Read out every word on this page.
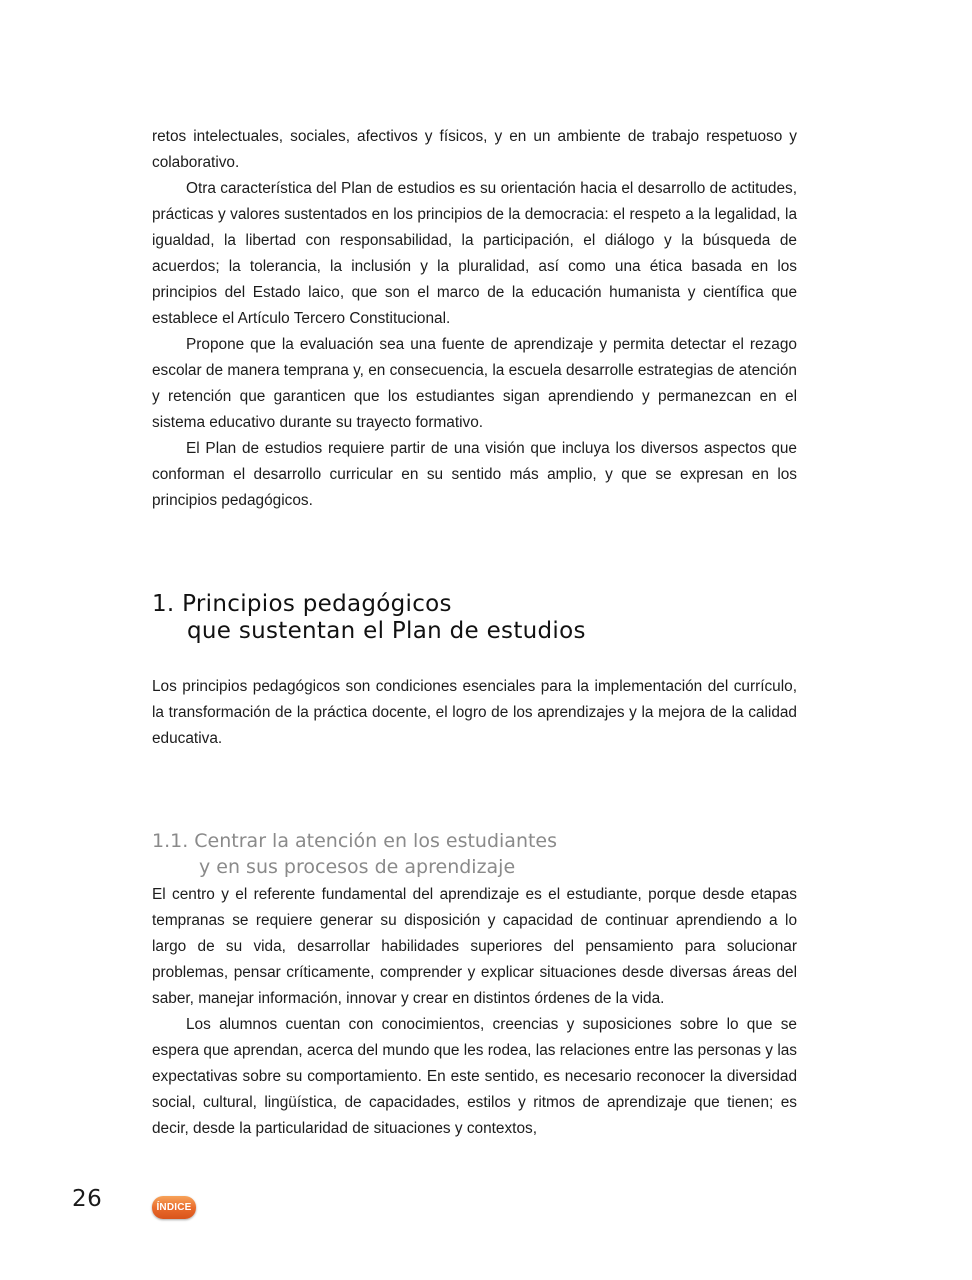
retos intelectuales, sociales, afectivos y físicos, y en un ambiente de trabajo respetuoso y colaborativo.

Otra característica del Plan de estudios es su orientación hacia el desarrollo de actitudes, prácticas y valores sustentados en los principios de la democracia: el respeto a la legalidad, la igualdad, la libertad con responsabilidad, la participación, el diálogo y la búsqueda de acuerdos; la tolerancia, la inclusión y la pluralidad, así como una ética basada en los principios del Estado laico, que son el marco de la educación humanista y científica que establece el Artículo Tercero Constitucional.

Propone que la evaluación sea una fuente de aprendizaje y permita detectar el rezago escolar de manera temprana y, en consecuencia, la escuela desarrolle estrategias de atención y retención que garanticen que los estudiantes sigan aprendiendo y permanezcan en el sistema educativo durante su trayecto formativo.

El Plan de estudios requiere partir de una visión que incluya los diversos aspectos que conforman el desarrollo curricular en su sentido más amplio, y que se expresan en los principios pedagógicos.

1. Principios pedagógicos
que sustentan el Plan de estudios

Los principios pedagógicos son condiciones esenciales para la implementación del currículo, la transformación de la práctica docente, el logro de los aprendizajes y la mejora de la calidad educativa.

1.1. Centrar la atención en los estudiantes
y en sus procesos de aprendizaje

El centro y el referente fundamental del aprendizaje es el estudiante, porque desde etapas tempranas se requiere generar su disposición y capacidad de continuar aprendiendo a lo largo de su vida, desarrollar habilidades superiores del pensamiento para solucionar problemas, pensar críticamente, comprender y explicar situaciones desde diversas áreas del saber, manejar información, innovar y crear en distintos órdenes de la vida.

Los alumnos cuentan con conocimientos, creencias y suposiciones sobre lo que se espera que aprendan, acerca del mundo que les rodea, las relaciones entre las personas y las expectativas sobre su comportamiento. En este sentido, es necesario reconocer la diversidad social, cultural, lingüística, de capacidades, estilos y ritmos de aprendizaje que tienen; es decir, desde la particularidad de situaciones y contextos,

26	ÍNDICE
